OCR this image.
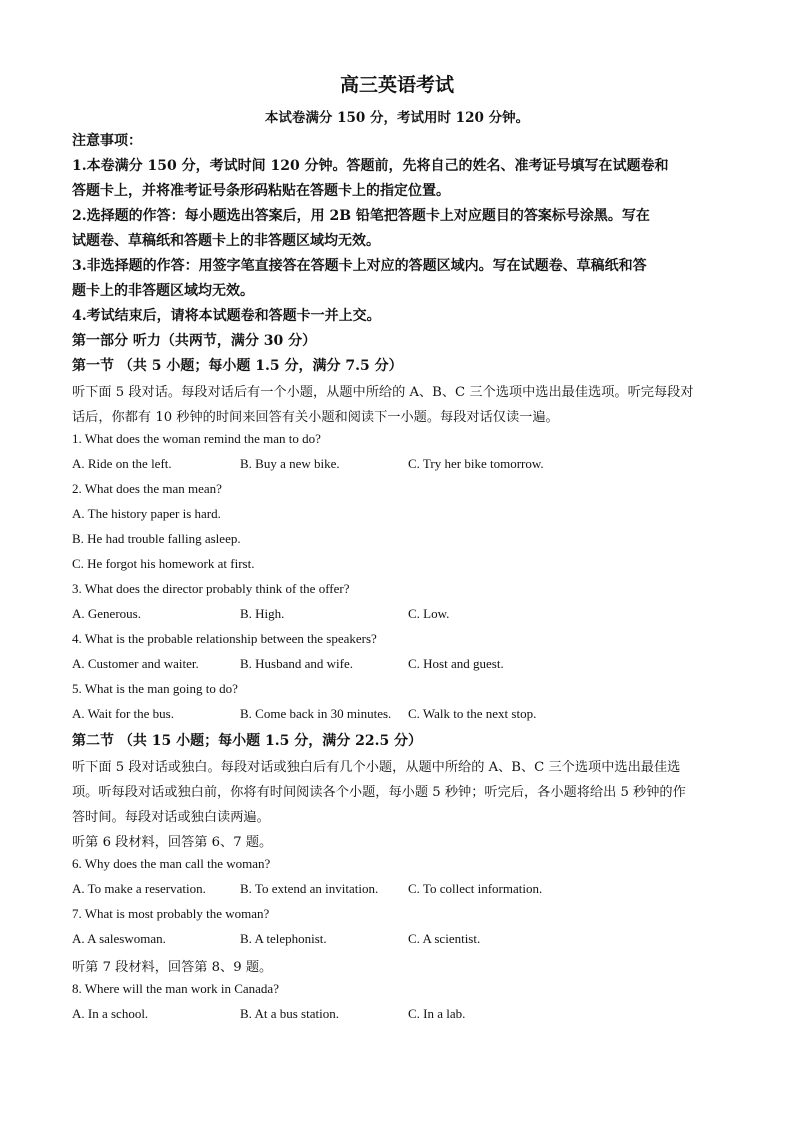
高三英语考试
本试卷满分 150 分，考试用时 120 分钟。
注意事项：
1.本卷满分 150 分，考试时间 120 分钟。答题前，先将自己的姓名、准考证号填写在试题卷和
答题卡上，并将准考证号条形码粘贴在答题卡上的指定位置。
2.选择题的作答：每小题选出答案后，用 2B 铅笔把答题卡上对应题目的答案标号涂黑。写在
试题卷、草稿纸和答题卡上的非答题区域均无效。
3.非选择题的作答：用签字笔直接答在答题卡上对应的答题区域内。写在试题卷、草稿纸和答
题卡上的非答题区域均无效。
4.考试结束后，请将本试题卷和答题卡一并上交。
第一部分 听力（共两节，满分 30 分）
第一节 （共 5 小题；每小题 1.5 分，满分 7.5 分）
听下面 5 段对话。每段对话后有一个小题，从题中所给的 A、B、C 三个选项中选出最佳选项。听完每段对
话后，你都有 10 秒钟的时间来回答有关小题和阅读下一小题。每段对话仅读一遍。
1. What does the woman remind the man to do?
A. Ride on the left.	B. Buy a new bike.	C. Try her bike tomorrow.
2. What does the man mean?
A. The history paper is hard.
B. He had trouble falling asleep.
C. He forgot his homework at first.
3. What does the director probably think of the offer?
A. Generous.	B. High.	C. Low.
4. What is the probable relationship between the speakers?
A. Customer and waiter.	B. Husband and wife.	C. Host and guest.
5. What is the man going to do?
A. Wait for the bus.	B. Come back in 30 minutes. C. Walk to the next stop.
第二节 （共 15 小题；每小题 1.5 分，满分 22.5 分）
听下面 5 段对话或独白。每段对话或独白后有几个小题，从题中所给的 A、B、C 三个选项中选出最佳选
项。听每段对话或独白前，你将有时间阅读各个小题，每小题 5 秒钟；听完后，各小题将给出 5 秒钟的作
答时间。每段对话或独白读两遍。
听第 6 段材料，回答第 6、7 题。
6. Why does the man call the woman?
A. To make a reservation.	B. To extend an invitation. C. To collect information.
7. What is most probably the woman?
A. A saleswoman.	B. A telephonist.	C. A scientist.
听第 7 段材料，回答第 8、9 题。
8. Where will the man work in Canada?
A. In a school.	B. At a bus station.	C. In a lab.
